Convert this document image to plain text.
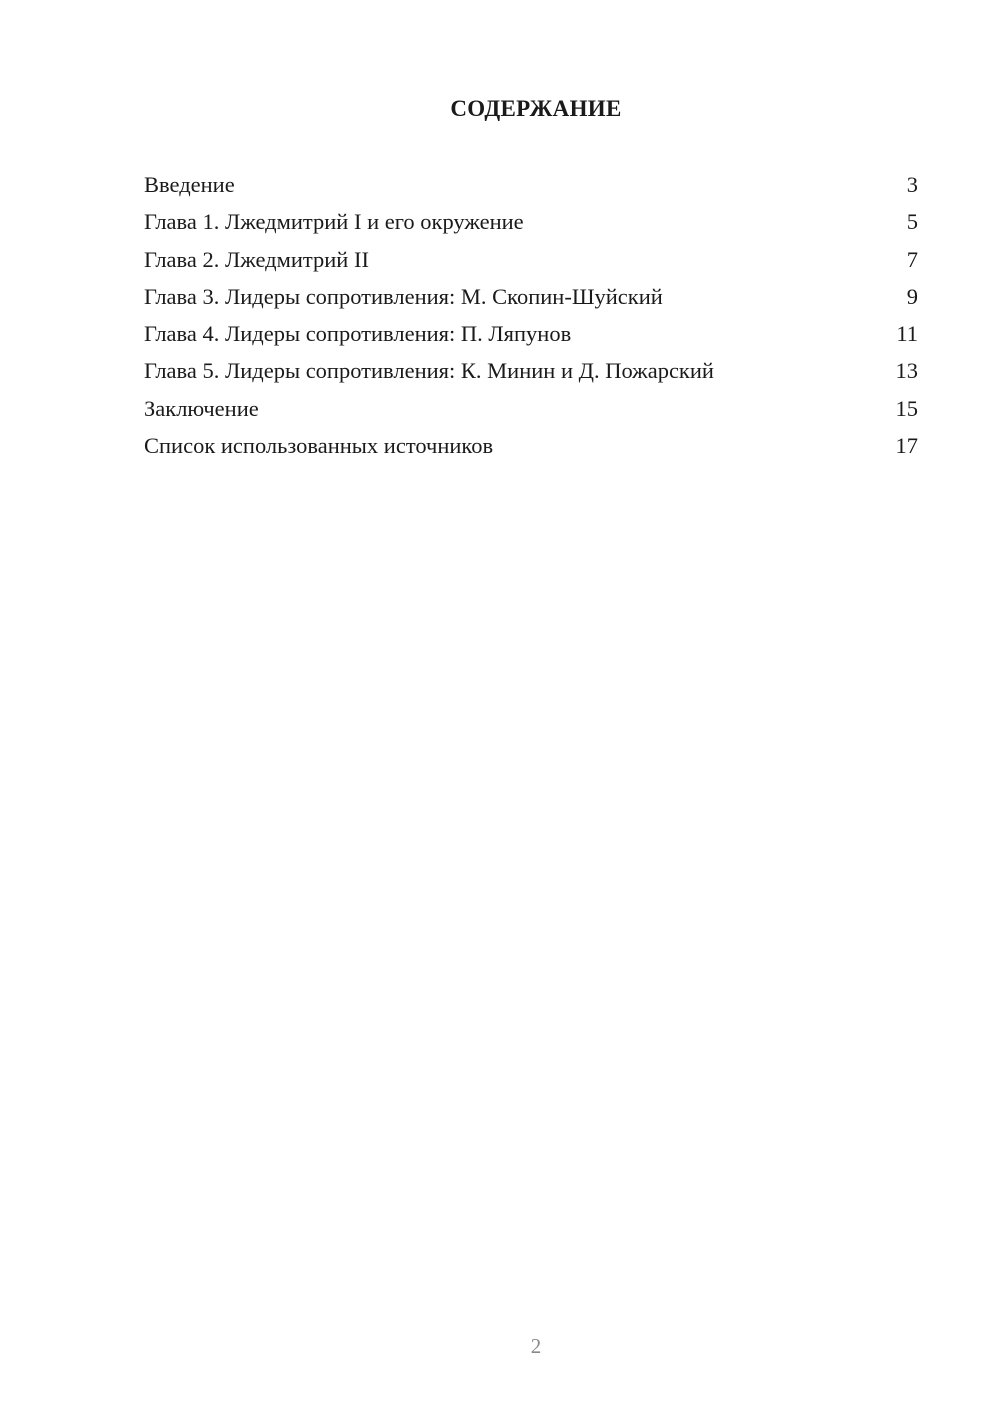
СОДЕРЖАНИЕ
Введение	3
Глава 1. Лжедмитрий I и его окружение	5
Глава 2. Лжедмитрий II	7
Глава 3. Лидеры сопротивления: М. Скопин-Шуйский	9
Глава 4. Лидеры сопротивления: П. Ляпунов	11
Глава 5. Лидеры сопротивления: К. Минин и Д. Пожарский	13
Заключение	15
Список использованных источников	17
2
